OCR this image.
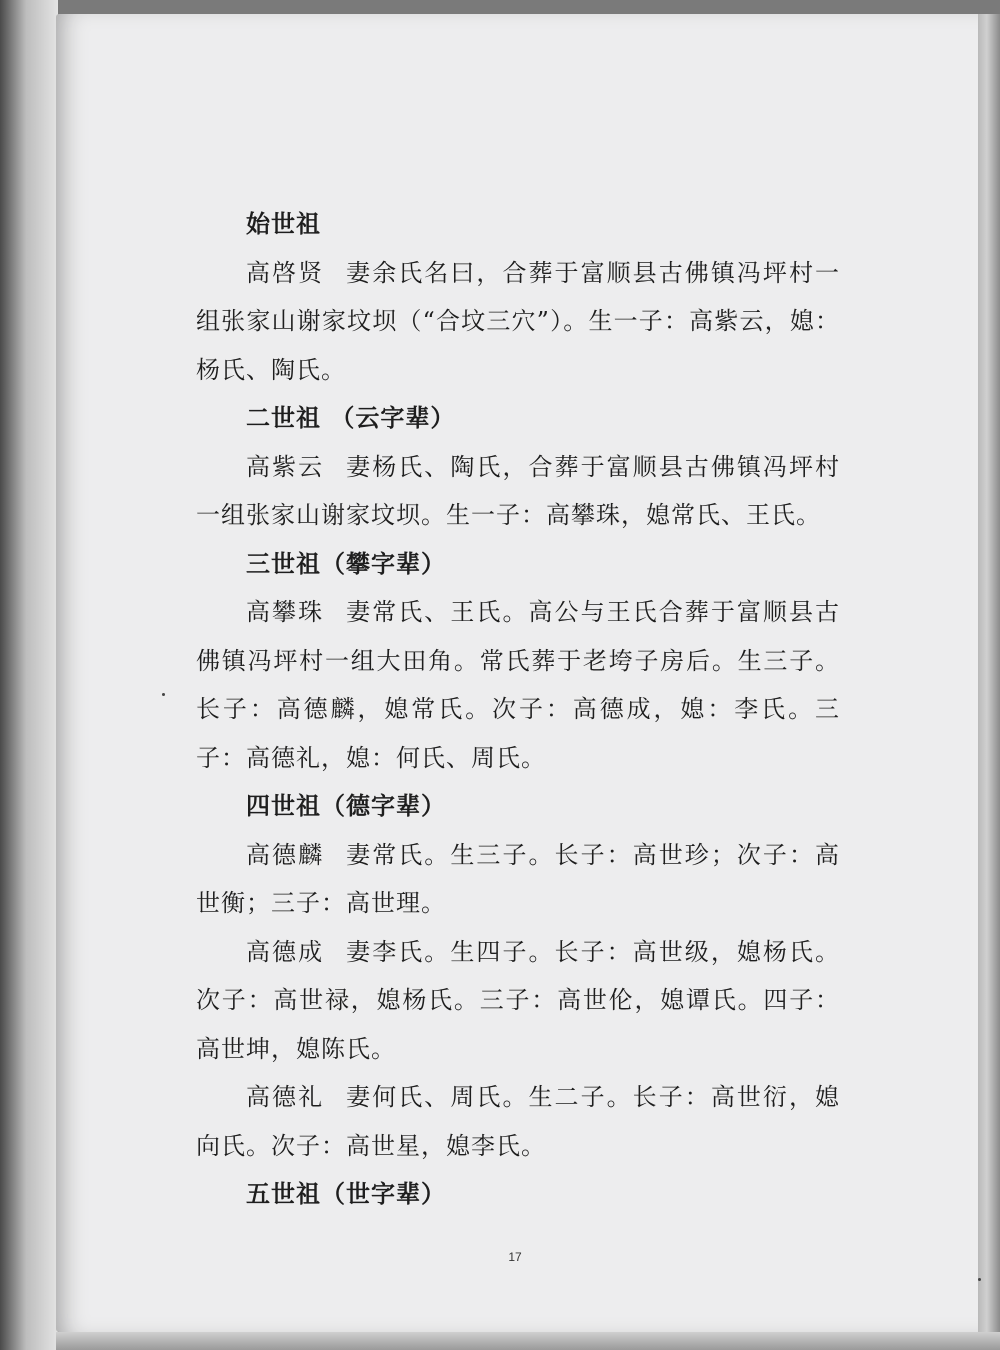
始世祖

高啓贤 妻余氏名曰，合葬于富顺县古佛镇冯坪村一组张家山谢家坟坝（“合坟三穴”）。生一子：高紫云，媳：杨氏、陶氏。

二世祖 （云字辈）

高紫云 妻杨氏、陶氏，合葬于富顺县古佛镇冯坪村一组张家山谢家坟坝。生一子：高攀珠，媳常氏、王氏。

三世祖（攀字辈）

高攀珠 妻常氏、王氏。高公与王氏合葬于富顺县古佛镇冯坪村一组大田角。常氏葬于老垮子房后。生三子。长子：高德麟，媳常氏。次子：高德成，媳：李氏。三子：高德礼，媳：何氏、周氏。

四世祖（德字辈）

高德麟 妻常氏。生三子。长子：高世珍；次子：高世衡；三子：高世理。

高德成 妻李氏。生四子。长子：高世级，媳杨氏。次子：高世禄，媳杨氏。三子：高世伦，媳谭氏。四子：高世坤，媳陈氏。

高德礼 妻何氏、周氏。生二子。长子：高世衍，媳向氏。次子：高世星，媳李氏。

五世祖（世字辈）

17
